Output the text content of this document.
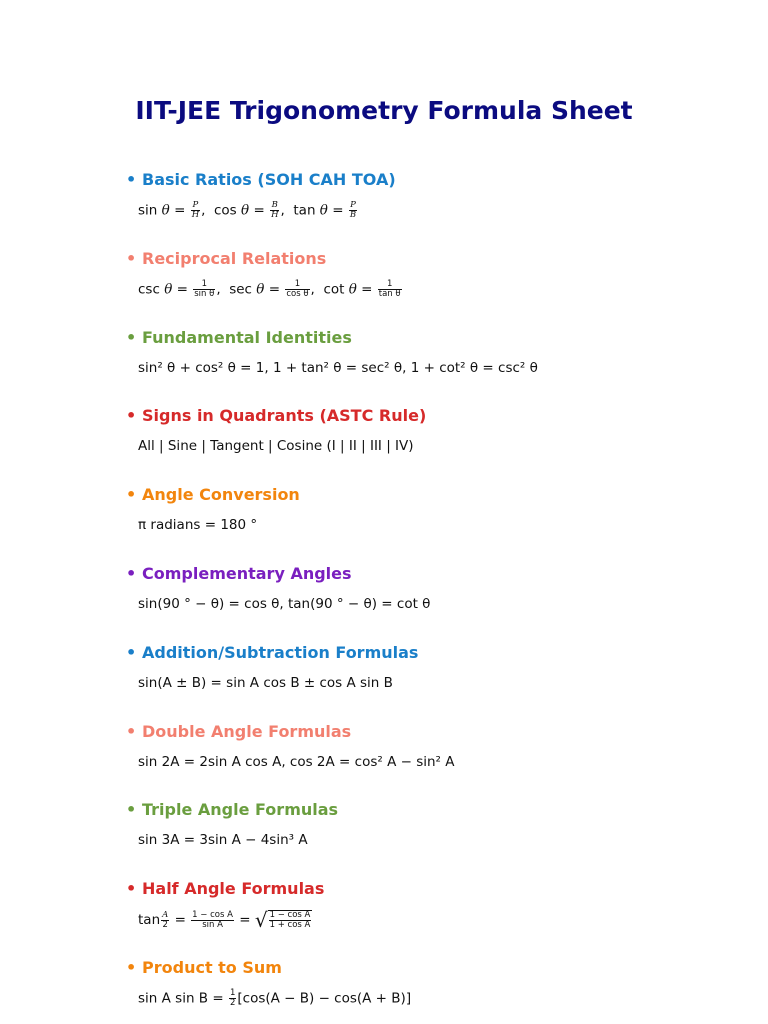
IIT-JEE Trigonometry Formula Sheet
• Basic Ratios (SOH CAH TOA)
$\sin \theta = \frac{P}{H}$ , $\cos \theta = \frac{B}{H}$ , $\tan \theta = \frac{P}{B}$
• Reciprocal Relations
$\csc \theta = \frac{1}{\text{sin θ}}$ , $\sec \theta = \frac{1}{\text{cos θ}}$ , $\cot \theta = \frac{1}{\text{tan θ}}$
• Fundamental Identities
sin² θ + cos² θ = 1, 1 + tan² θ = sec² θ, 1 + cot² θ = csc² θ
• Signs in Quadrants (ASTC Rule)
All | Sine | Tangent | Cosine (I | II | III | IV)
• Angle Conversion
π radians = 180 °
• Complementary Angles
sin(90 ° − θ) = cos θ, tan(90 ° − θ) = cot θ
• Addition/Subtraction Formulas
sin(A ± B) = sin A cos B ± cos A sin B
• Double Angle Formulas
sin 2A = 2sin A cos A, cos 2A = cos² A − sin² A
• Triple Angle Formulas
sin 3A = 3sin A − 4sin³ A
• Half Angle Formulas
$\tan \frac{A}{2} = \frac{\text{1 − cos A}}{\text{sin A}}$ = √ $\frac{\text{1 − cos A}}{\text{1 + cos A}}$
• Product to Sum
sin A $\sin B = \frac{1}{2} [\cos(A - B) - \cos(A + B)]$
